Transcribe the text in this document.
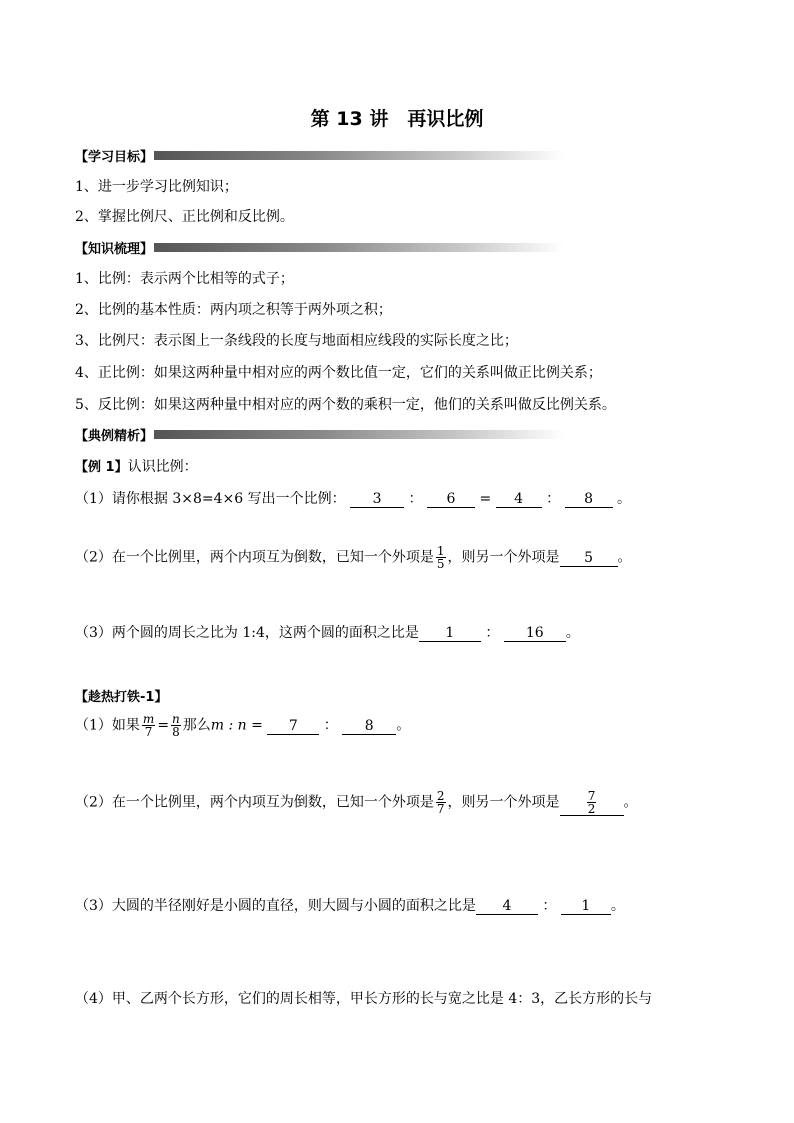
第 13 讲　再识比例
【学习目标】
1、进一步学习比例知识；
2、掌握比例尺、正比例和反比例。
【知识梳理】
1、比例：表示两个比相等的式子；
2、比例的基本性质：两内项之积等于两外项之积；
3、比例尺：表示图上一条线段的长度与地面相应线段的实际长度之比；
4、正比例：如果这两种量中相对应的两个数比值一定，它们的关系叫做正比例关系；
5、反比例：如果这两种量中相对应的两个数的乘积一定，他们的关系叫做反比例关系。
【典例精析】
【例 1】认识比例：
（1）请你根据 3×8=4×6 写出一个比例： 3 ： 6 = 4 ： 8 。
（2）在一个比例里，两个内项互为倒数，已知一个外项是 $\frac{1}{5}$ ，则另一个外项是 5 。
（3）两个圆的周长之比为 1:4，这两个圆的面积之比是 1 ： 16 。
【趁热打铁-1】
（1）如果 $\frac{m}{7} = \frac{n}{8}$ 那么m : n = 7 ： 8 。
（2）在一个比例里，两个内项互为倒数，已知一个外项是 $\frac{2}{7}$ ，则另一个外项是 $\frac{7}{2}$ 。
（3）大圆的半径刚好是小圆的直径，则大圆与小圆的面积之比是 4 ： 1 。
（4）甲、乙两个长方形，它们的周长相等，甲长方形的长与宽之比是 4：3，乙长方形的长与
